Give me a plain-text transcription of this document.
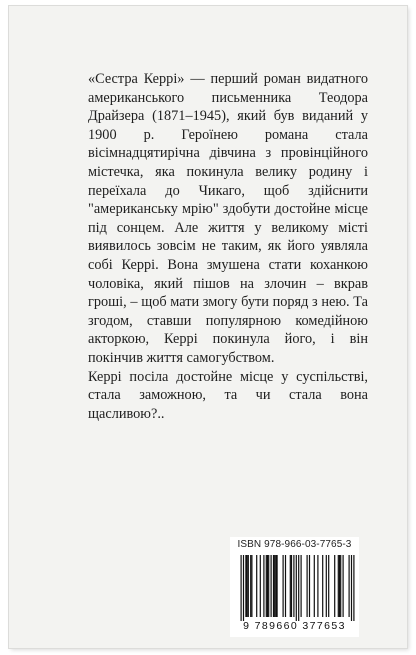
«Сестра Керрі» — перший роман видатного американського письменника Теодора Драйзера (1871–1945), який був виданий у 1900 р. Героїнею романа стала вісімнадцятирічна дівчина з провінційного містечка, яка покинула велику родину і переїхала до Чикаго, щоб здійснити "американську мрію" здобути достойне місце під сонцем. Але життя у великому місті виявилось зовсім не таким, як його уявляла собі Керрі. Вона змушена стати коханкою чоловіка, який пішов на злочин – вкрав гроші, – щоб мати змогу бути поряд з нею. Та згодом, ставши популярною комедійною акторкою, Керрі покинула його, і він покінчив життя самогубством.

Керрі посіла достойне місце у суспільстві, стала заможною, та чи стала вона щасливою?..

ISBN 978-966-03-7765-3
9 789660 377653
